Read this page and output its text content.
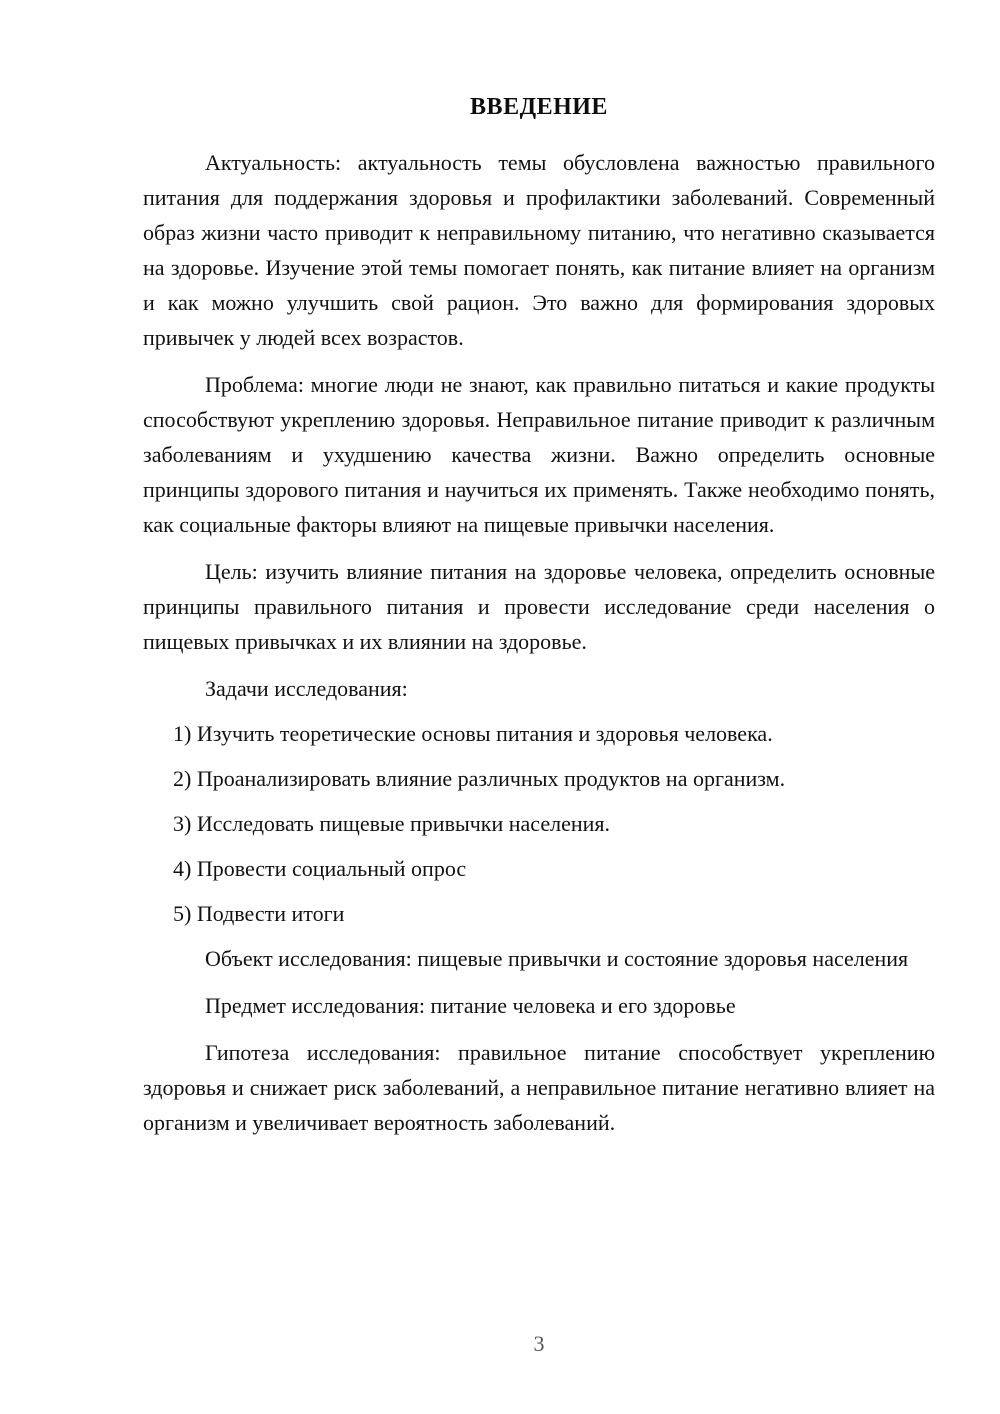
ВВЕДЕНИЕ

Актуальность: актуальность темы обусловлена важностью правильного питания для поддержания здоровья и профилактики заболеваний. Современный образ жизни часто приводит к неправильному питанию, что негативно сказывается на здоровье. Изучение этой темы помогает понять, как питание влияет на организм и как можно улучшить свой рацион. Это важно для формирования здоровых привычек у людей всех возрастов.

Проблема: многие люди не знают, как правильно питаться и какие продукты способствуют укреплению здоровья. Неправильное питание приводит к различным заболеваниям и ухудшению качества жизни. Важно определить основные принципы здорового питания и научиться их применять. Также необходимо понять, как социальные факторы влияют на пищевые привычки населения.

Цель: изучить влияние питания на здоровье человека, определить основные принципы правильного питания и провести исследование среди населения о пищевых привычках и их влиянии на здоровье.

Задачи исследования:

1) Изучить теоретические основы питания и здоровья человека.
2) Проанализировать влияние различных продуктов на организм.
3) Исследовать пищевые привычки населения.
4) Провести социальный опрос
5) Подвести итоги

Объект исследования: пищевые привычки и состояние здоровья населения

Предмет исследования: питание человека и его здоровье

Гипотеза исследования: правильное питание способствует укреплению здоровья и снижает риск заболеваний, а неправильное питание негативно влияет на организм и увеличивает вероятность заболеваний.

3
